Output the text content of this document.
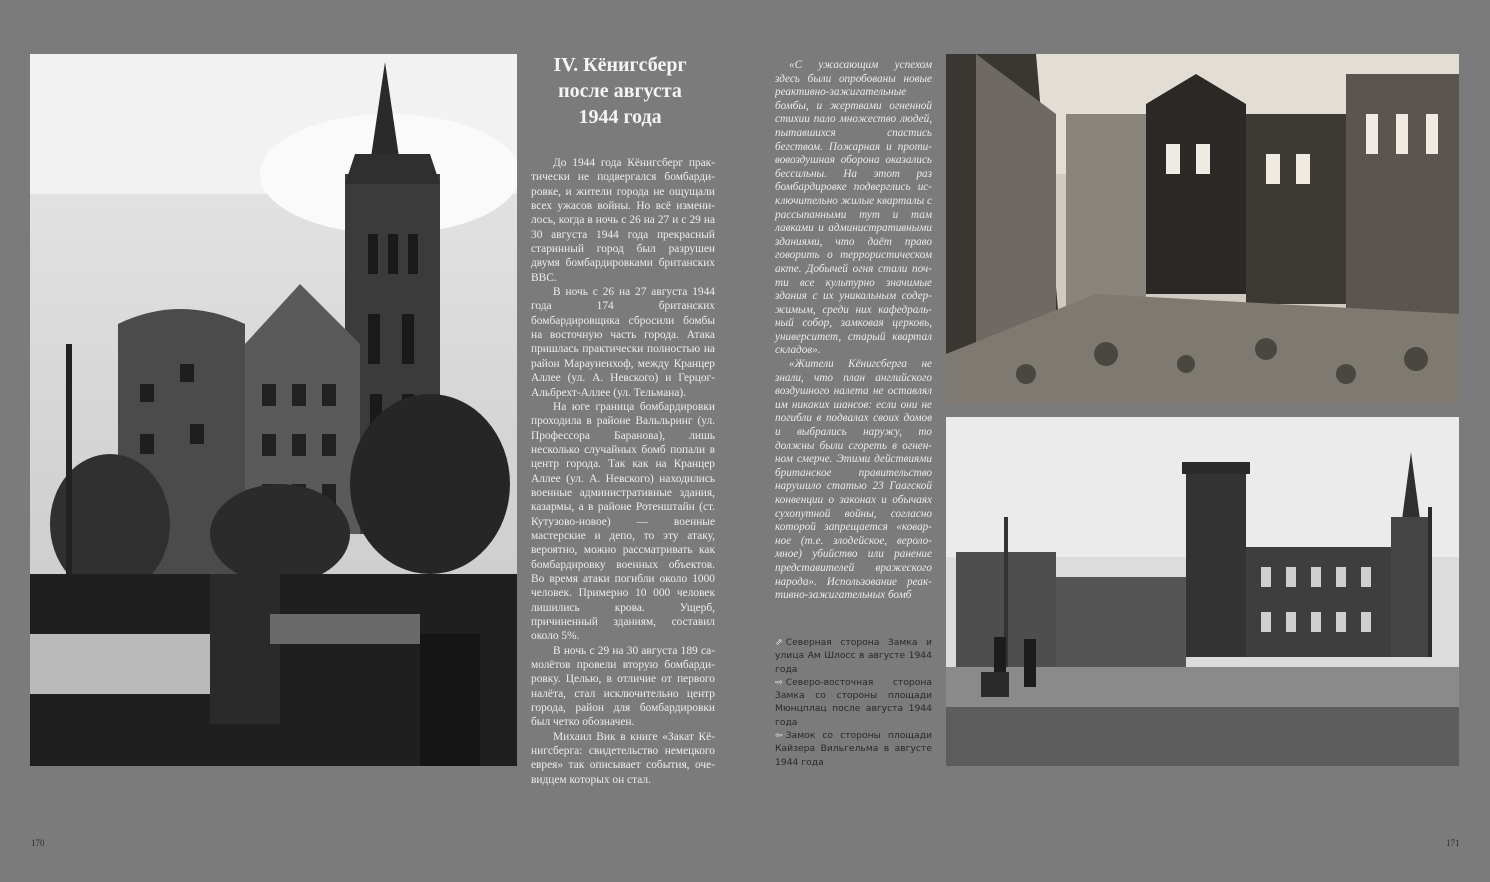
IV. Кёнигсберг
после августа
1944 года

До 1944 года Кёнигсберг практически не подвергался бомбардировке, и жители города не ощущали всех ужасов войны. Но всё изменилось, когда в ночь с 26 на 27 и с 29 на 30 августа 1944 года прекрасный старинный город был разрушен двумя бомбардировками британских ВВС.

В ночь с 26 на 27 августа 1944 года 174 британских бомбардировщика сбросили бомбы на восточную часть города. Атака пришлась практически полностью на район Марауненхоф, между Кранцер Аллее (ул. А. Невского) и Герцог-Альбрехт-Аллее (ул. Тельмана).

На юге граница бомбардировки проходила в районе Вальльринг (ул. Профессора Баранова), лишь несколько случайных бомб попали в центр города. Так как на Кранцер Аллее (ул. А. Невского) находились военные административные здания, казармы, а в районе Ротенштайн (ст. Кутузово-новое) — военные мастерские и депо, то эту атаку, вероятно, можно рассматривать как бомбардировку военных объектов. Во время атаки погибли около 1000 человек. Примерно 10 000 человек лишились крова. Ущерб, причиненный зданиям, составил около 5%.

В ночь с 29 на 30 августа 189 самолётов провели вторую бомбардировку. Целью, в отличие от первого налёта, стал исключительно центр города, район для бомбардировки был четко обозначен.

Михаил Вик в книге «Закат Кёнигсберга: свидетельство немецкого еврея» так описывает события, очевидцем которых он стал.

«С ужасающим успехом здесь были опробованы новые реактивно-зажигательные бомбы, и жертвами огненной стихии пало множество людей, пытавшихся спастись бегством. Пожарная и противовоздушная оборона оказались бессильны. На этот раз бомбардировке подверглись исключительно жилые кварталы с рассыпанными тут и там лавками и административными зданиями, что даёт право говорить о террористическом акте. Добычей огня стали почти все культурно значимые здания с их уникальным содержимым, среди них кафедральный собор, замковая церковь, университет, старый квартал складов».

«Жители Кёнигсберга не знали, что план английского воздушного налета не оставлял им никаких шансов: если они не погибли в подвалах своих домов и выбрались наружу, то должны были сгореть в огненном смерче. Этими действиями британское правительство нарушило статью 23 Гаагской конвенции о законах и обычаях сухопутной войны, согласно которой запрещается «коварное (т.е. злодейское, вероломное) убийство или ранение представителей вражеского народа». Использование реактивно-зажигательных бомб

⇗ Северная сторона Замка и улица Ам Шлосс в августе 1944 года

⇨ Северо-восточная сторона Замка со стороны площади Мюнцплац после августа 1944 года

⇦ Замок со стороны площади Кайзера Вильгельма в августе 1944 года

170	171
